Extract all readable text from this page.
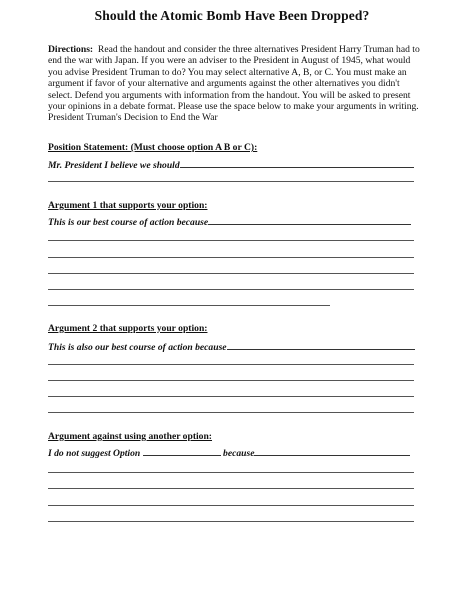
Should the Atomic Bomb Have Been Dropped?
Directions: Read the handout and consider the three alternatives President Harry Truman had to end the war with Japan. If you were an adviser to the President in August of 1945, what would you advise President Truman to do? You may select alternative A, B, or C. You must make an argument if favor of your alternative and arguments against the other alternatives you didn't select. Defend you arguments with information from the handout. You will be asked to present your opinions in a debate format. Please use the space below to make your arguments in writing. President Truman's Decision to End the War
Position Statement: (Must choose option A B or C):
Mr. President I believe we should
Argument 1 that supports your option:
This is our best course of action because
Argument 2 that supports your option:
This is also our best course of action because
Argument against using another option:
I do not suggest Option	because
